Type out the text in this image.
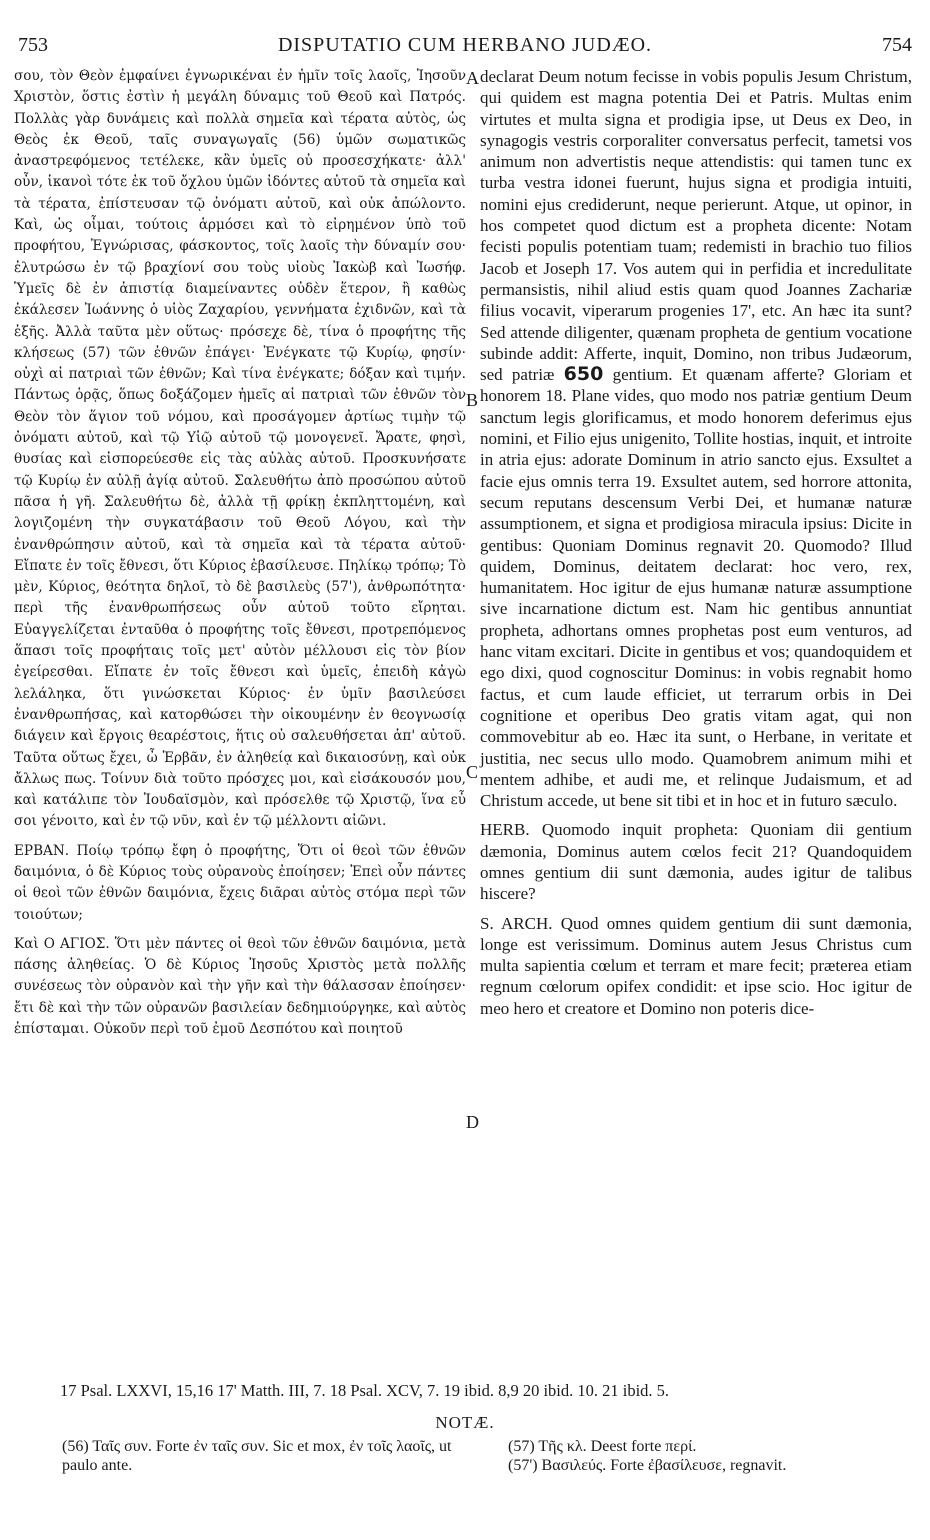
753	DISPUTATIO CUM HERBANO JUDÆO.	754

σου, τὸν Θεὸν ἐμφαίνει ἐγνωρικέναι ἐν ἡμῖν τοῖς λαοῖς, Ἰησοῦν Χριστὸν, ὅστις ἐστὶν ἡ μεγάλη δύναμις τοῦ Θεοῦ καὶ Πατρός. Πολλὰς γὰρ δυνάμεις καὶ πολλὰ σημεῖα καὶ τέρατα αὐτὸς, ὡς Θεὸς ἐκ Θεοῦ, ταῖς συναγωγαῖς (56) ὑμῶν σωματικῶς ἀναστρεφόμενος τετέλεκε, κἂν ὑμεῖς οὐ προσεσχήκατε· ἀλλ' οὖν, ἱκανοὶ τότε ἐκ τοῦ ὄχλου ὑμῶν ἰδόντες αὐτοῦ τὰ σημεῖα καὶ τὰ τέρατα, ἐπίστευσαν τῷ ὀνόματι αὐτοῦ, καὶ οὐκ ἀπώλοντο. Καὶ, ὡς οἶμαι, τούτοις ἁρμόσει καὶ τὸ εἰρημένον ὑπὸ τοῦ προφήτου, Ἐγνώρισας, φάσκοντος, τοῖς λαοῖς τὴν δύναμίν σου· ἐλυτρώσω ἐν τῷ βραχίονί σου τοὺς υἱοὺς Ἰακὼβ καὶ Ἰωσήφ. Ὑμεῖς δὲ ἐν ἀπιστίᾳ διαμείναντες οὐδὲν ἕτερον, ἢ καθὼς ἐκάλεσεν Ἰωάννης ὁ υἱὸς Ζαχαρίου, γεννήματα ἐχιδνῶν, καὶ τὰ ἑξῆς. Ἀλλὰ ταῦτα μὲν οὕτως· πρόσεχε δὲ, τίνα ὁ προφήτης τῆς κλήσεως (57) τῶν ἐθνῶν ἐπάγει· Ἐνέγκατε τῷ Κυρίῳ, φησίν· οὐχὶ αἱ πατριαὶ τῶν ἐθνῶν; Καὶ τίνα ἐνέγκατε; δόξαν καὶ τιμήν. Πάντως ὁρᾷς, ὅπως δοξάζομεν ἡμεῖς αἱ πατριαὶ τῶν ἐθνῶν τὸν Θεὸν τὸν ἅγιον τοῦ νόμου, καὶ προσάγομεν ἀρτίως τιμὴν τῷ ὀνόματι αὐτοῦ, καὶ τῷ Υἱῷ αὐτοῦ τῷ μονογενεῖ. Ἄρατε, φησὶ, θυσίας καὶ εἰσπορεύεσθε εἰς τὰς αὐλὰς αὐτοῦ. Προσκυνήσατε τῷ Κυρίῳ ἐν αὐλῇ ἁγίᾳ αὐτοῦ. Σαλευθήτω ἀπὸ προσώπου αὐτοῦ πᾶσα ἡ γῆ. Σαλευθήτω δὲ, ἀλλὰ τῇ φρίκῃ ἐκπληττομένη, καὶ λογιζομένη τὴν συγκατάβασιν τοῦ Θεοῦ Λόγου, καὶ τὴν ἐνανθρώπησιν αὐτοῦ, καὶ τὰ σημεῖα καὶ τὰ τέρατα αὐτοῦ· Εἴπατε ἐν τοῖς ἔθνεσι, ὅτι Κύριος ἐβασίλευσε. Πηλίκῳ τρόπῳ; Τὸ μὲν, Κύριος, θεότητα δηλοῖ, τὸ δὲ βασιλεὺς (57'), ἀνθρωπότητα· περὶ τῆς ἐνανθρωπήσεως οὖν αὐτοῦ τοῦτο εἴρηται. Εὐαγγελίζεται ἐνταῦθα ὁ προφήτης τοῖς ἔθνεσι, προτρεπόμενος ἅπασι τοῖς προφήταις τοῖς μετ' αὐτὸν μέλλουσι εἰς τὸν βίον ἐγείρεσθαι. Εἴπατε ἐν τοῖς ἔθνεσι καὶ ὑμεῖς, ἐπειδὴ κἀγὼ λελάληκα, ὅτι γινώσκεται Κύριος· ἐν ὑμῖν βασιλεύσει ἐνανθρωπήσας, καὶ κατορθώσει τὴν οἰκουμένην ἐν θεογνωσίᾳ διάγειν καὶ ἔργοις θεαρέστοις, ἥτις οὐ σαλευθήσεται ἀπ' αὐτοῦ. Ταῦτα οὕτως ἔχει, ὦ Ἑρβᾶν, ἐν ἀληθείᾳ καὶ δικαιοσύνῃ, καὶ οὐκ ἄλλως πως. Τοίνυν διὰ τοῦτο πρόσχες μοι, καὶ εἰσάκουσόν μου, καὶ κατάλιπε τὸν Ἰουδαϊσμὸν, καὶ πρόσελθε τῷ Χριστῷ, ἵνα εὖ σοι γένοιτο, καὶ ἐν τῷ νῦν, καὶ ἐν τῷ μέλλοντι αἰῶνι.

ΕΡΒΑΝ. Ποίῳ τρόπῳ ἔφη ὁ προφήτης, Ὅτι οἱ θεοὶ τῶν ἐθνῶν δαιμόνια, ὁ δὲ Κύριος τοὺς οὐρανοὺς ἐποίησεν; Ἐπεὶ οὖν πάντες οἱ θεοὶ τῶν ἐθνῶν δαιμόνια, ἔχεις διᾶραι αὐτὸς στόμα περὶ τῶν τοιούτων;

Καὶ Ο ΑΓΙΟΣ. Ὅτι μὲν πάντες οἱ θεοὶ τῶν ἐθνῶν δαιμόνια, μετὰ πάσης ἀληθείας. Ὁ δὲ Κύριος Ἰησοῦς Χριστὸς μετὰ πολλῆς συνέσεως τὸν οὐρανὸν καὶ τὴν γῆν καὶ τὴν θάλασσαν ἐποίησεν· ἔτι δὲ καὶ τὴν τῶν οὐρανῶν βασιλείαν δεδημιούργηκε, καὶ αὐτὸς ἐπίσταμαι. Οὐκοῦν περὶ τοῦ ἐμοῦ Δεσπότου καὶ ποιητοῦ

A
B
C
D

declarat Deum notum fecisse in vobis populis Jesum Christum, qui quidem est magna potentia Dei et Patris. Multas enim virtutes et multa signa et prodigia ipse, ut Deus ex Deo, in synagogis vestris corporaliter conversatus perfecit, tametsi vos animum non advertistis neque attendistis: qui tamen tunc ex turba vestra idonei fuerunt, hujus signa et prodigia intuiti, nomini ejus crediderunt, neque perierunt. Atque, ut opinor, in hos competet quod dictum est a propheta dicente: Notam fecisti populis potentiam tuam; redemisti in brachio tuo filios Jacob et Joseph 17. Vos autem qui in perfidia et incredulitate permansistis, nihil aliud estis quam quod Joannes Zachariæ filius vocavit, viperarum progenies 17', etc. An hæc ita sunt? Sed attende diligenter, quænam propheta de gentium vocatione subinde addit: Afferte, inquit, Domino, non tribus Judæorum, sed patriæ 650 gentium. Et quænam afferte? Gloriam et honorem 18. Plane vides, quo modo nos patriæ gentium Deum sanctum legis glorificamus, et modo honorem deferimus ejus nomini, et Filio ejus unigenito, Tollite hostias, inquit, et introite in atria ejus: adorate Dominum in atrio sancto ejus. Exsultet a facie ejus omnis terra 19. Exsultet autem, sed horrore attonita, secum reputans descensum Verbi Dei, et humanæ naturæ assumptionem, et signa et prodigiosa miracula ipsius: Dicite in gentibus: Quoniam Dominus regnavit 20. Quomodo? Illud quidem, Dominus, deitatem declarat: hoc vero, rex, humanitatem. Hoc igitur de ejus humanæ naturæ assumptione sive incarnatione dictum est. Nam hic gentibus annuntiat propheta, adhortans omnes prophetas post eum venturos, ad hanc vitam excitari. Dicite in gentibus et vos; quandoquidem et ego dixi, quod cognoscitur Dominus: in vobis regnabit homo factus, et cum laude efficiet, ut terrarum orbis in Dei cognitione et operibus Deo gratis vitam agat, qui non commovebitur ab eo. Hæc ita sunt, o Herbane, in veritate et justitia, nec secus ullo modo. Quamobrem animum mihi et mentem adhibe, et audi me, et relinque Judaismum, et ad Christum accede, ut bene sit tibi et in hoc et in futuro sæculo.

HERB. Quomodo inquit propheta: Quoniam dii gentium dæmonia, Dominus autem cœlos fecit 21? Quandoquidem omnes gentium dii sunt dæmonia, audes igitur de talibus hiscere?

S. ARCH. Quod omnes quidem gentium dii sunt dæmonia, longe est verissimum. Dominus autem Jesus Christus cum multa sapientia cœlum et terram et mare fecit; præterea etiam regnum cœlorum opifex condidit: et ipse scio. Hoc igitur de meo hero et creatore et Domino non poteris dice-

17 Psal. LXXVI, 15,16 17' Matth. III, 7. 18 Psal. XCV, 7. 19 ibid. 8,9 20 ibid. 10. 21 ibid. 5.
NOTÆ.
(56) Ταῖς συν. Forte ἐν ταῖς συν. Sic et mox, ἐν τοῖς λαοῖς, ut paulo ante.
(57) Τῆς κλ. Deest forte περί.
(57') Βασιλεύς. Forte ἐβασίλευσε, regnavit.
